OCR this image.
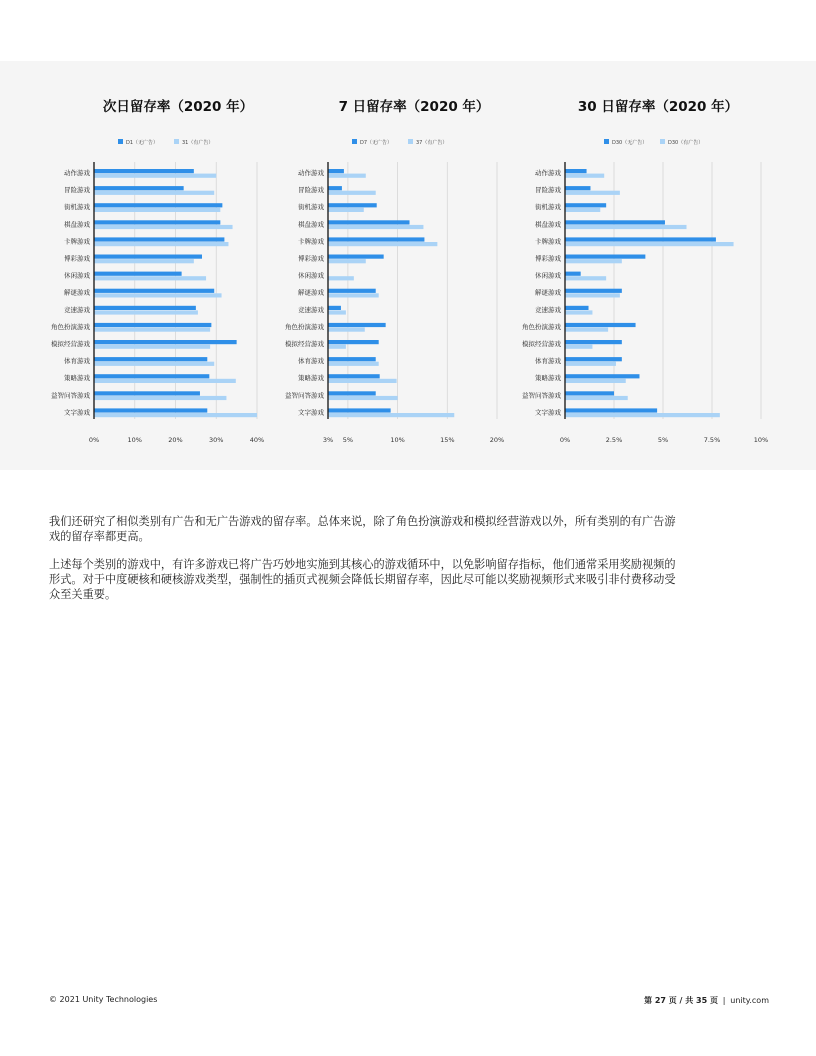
次日留存率（2020 年）	7 日留存率（2020 年）	30 日留存率（2020 年）
0%	10%	20%	30%	40%
D1（无广告）	31（有广告）
动作游戏
冒险游戏
街机游戏
棋盘游戏
卡牌游戏
博彩游戏
休闲游戏
解谜游戏
竞速游戏
角色扮演游戏
模拟经营游戏
体育游戏
策略游戏
益智问答游戏
文字游戏
3% 5%	10%	15%	20%
D7（无广告）	37（有广告）
动作游戏
冒险游戏
街机游戏
棋盘游戏
卡牌游戏
博彩游戏
休闲游戏
解谜游戏
竞速游戏
角色扮演游戏
模拟经营游戏
体育游戏
策略游戏
益智问答游戏
文字游戏
0%	2.5%	5%	7.5%	10%
D30（无广告）	D30（有广告）
动作游戏
冒险游戏
街机游戏
棋盘游戏
卡牌游戏
博彩游戏
休闲游戏
解谜游戏
竞速游戏
角色扮演游戏
模拟经营游戏
体育游戏
策略游戏
益智问答游戏
文字游戏
我们还研究了相似类别有广告和无广告游戏的留存率。总体来说，除了角色扮演游戏和模拟经营游戏以外，所有类别的有广告游戏的留存率都更高。
上述每个类别的游戏中，有许多游戏已将广告巧妙地实施到其核心的游戏循环中，以免影响留存指标，他们通常采用奖励视频的形式。对于中度硬核和硬核游戏类型，强制性的插页式视频会降低长期留存率，因此尽可能以奖励视频形式来吸引非付费移动受众至关重要。
© 2021 Unity Technologies	第 27 页 / 共 35 页 | unity.com
